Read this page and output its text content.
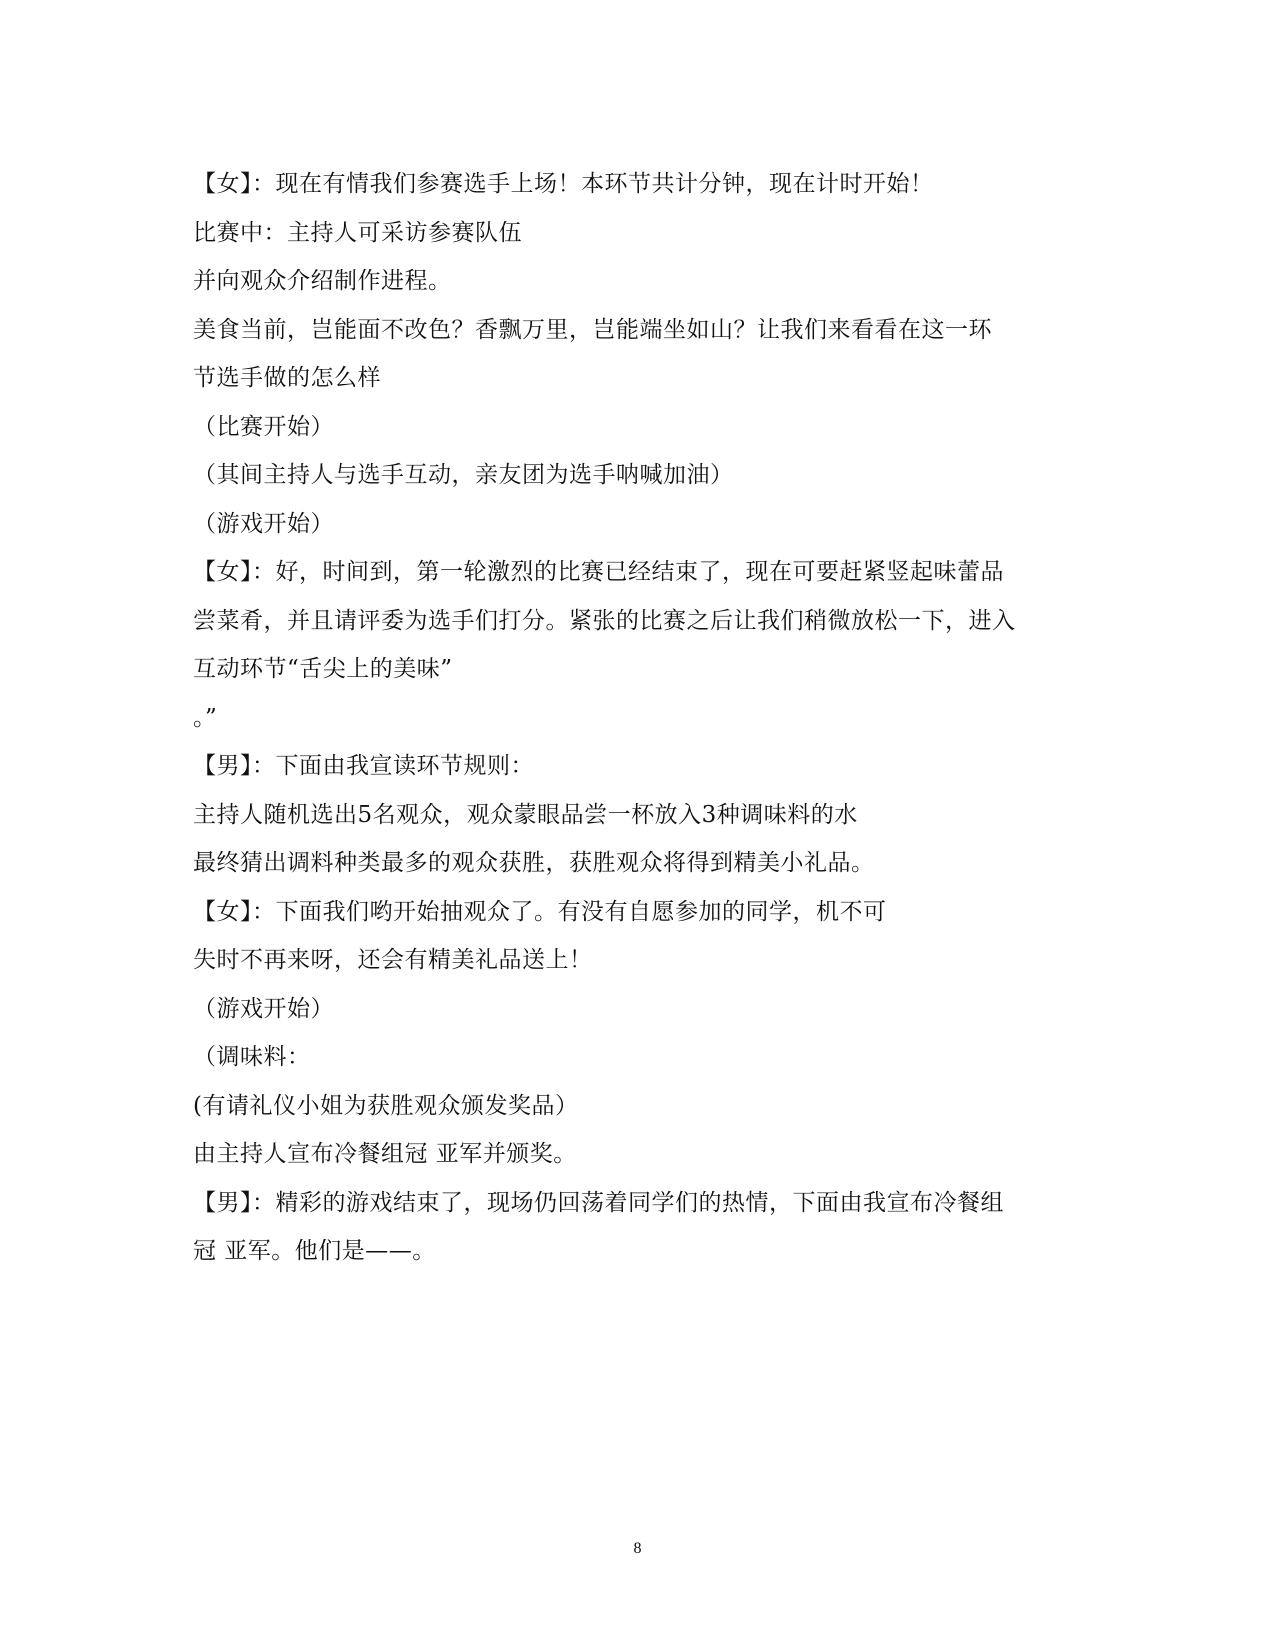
【女】：现在有情我们参赛选手上场！本环节共计分钟，现在计时开始！
比赛中：主持人可采访参赛队伍
并向观众介绍制作进程。
美食当前，岂能面不改色？香飘万里，岂能端坐如山？让我们来看看在这一环
节选手做的怎么样
（比赛开始）
（其间主持人与选手互动，亲友团为选手呐喊加油）
（游戏开始）
【女】：好，时间到，第一轮激烈的比赛已经结束了，现在可要赶紧竖起味蕾品
尝菜肴，并且请评委为选手们打分。紧张的比赛之后让我们稍微放松一下，进入
互动环节“舌尖上的美味”
。”
【男】：下面由我宣读环节规则：
主持人随机选出5名观众，观众蒙眼品尝一杯放入3种调味料的水
最终猜出调料种类最多的观众获胜，获胜观众将得到精美小礼品。
【女】：下面我们哟开始抽观众了。有没有自愿参加的同学，机不可
失时不再来呀，还会有精美礼品送上！
（游戏开始）
（调味料：
(有请礼仪小姐为获胜观众颁发奖品）
由主持人宣布冷餐组冠 亚军并颁奖。
【男】：精彩的游戏结束了，现场仍回荡着同学们的热情，下面由我宣布冷餐组
冠 亚军。他们是——。
8
